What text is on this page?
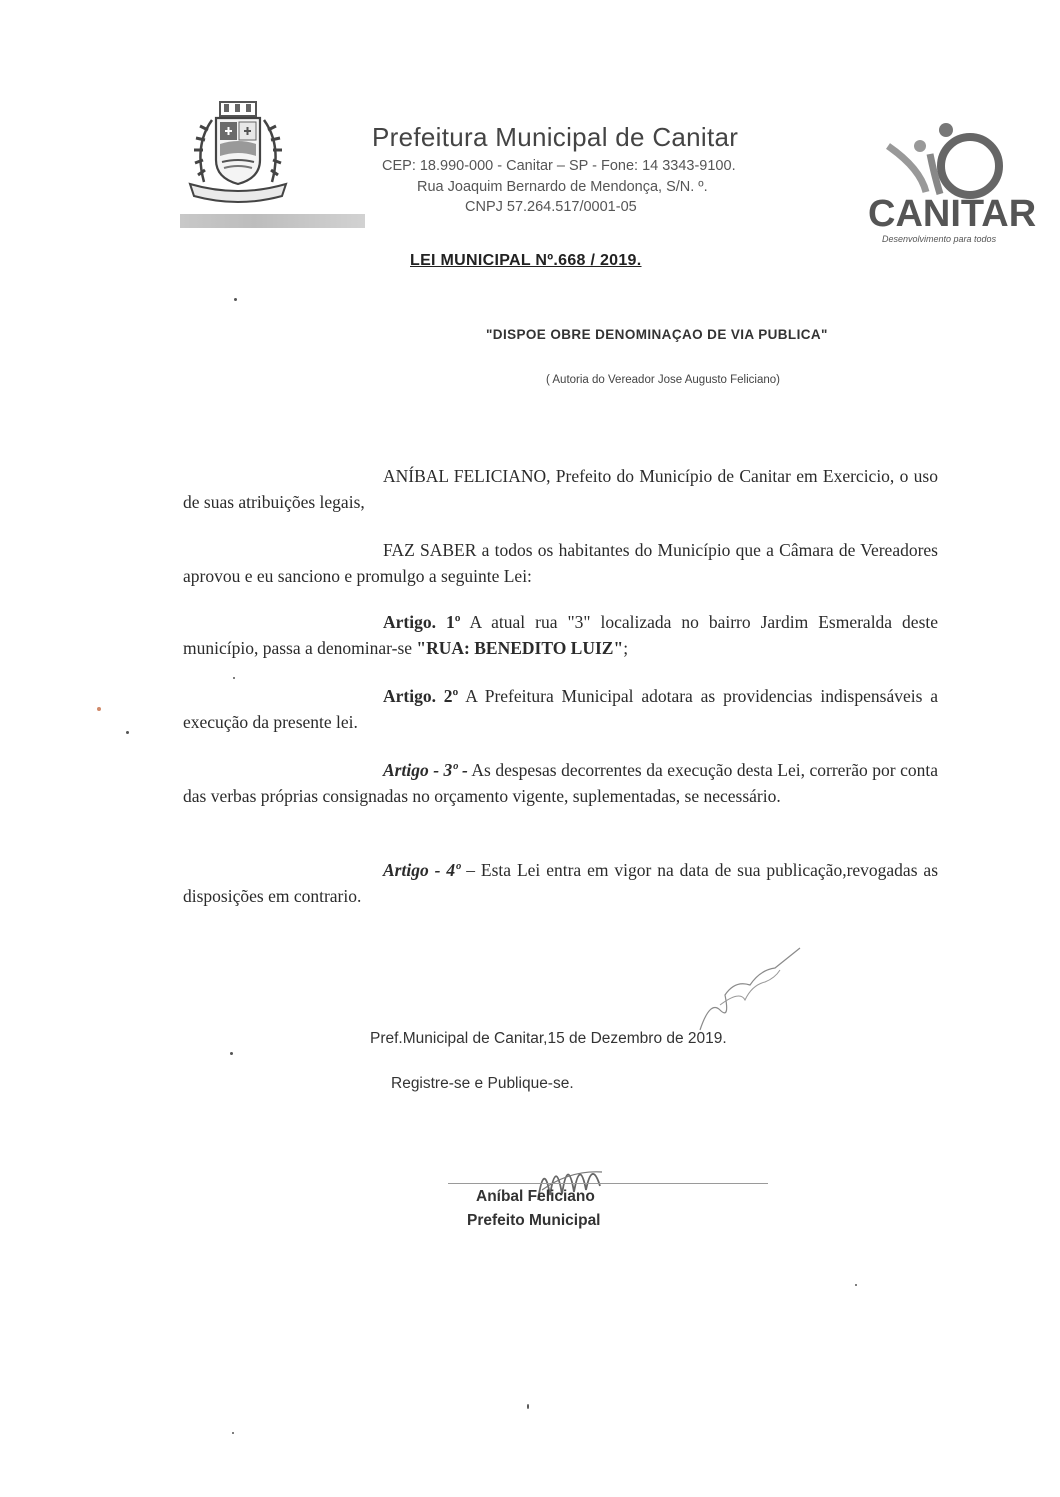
Prefeitura Municipal de Canitar
CEP: 18.990-000 - Canitar – SP - Fone: 14 3343-9100.
Rua Joaquim Bernardo de Mendonça, S/N. º.
CNPJ 57.264.517/0001-05	CANITAR
Desenvolvimento para todos
LEI MUNICIPAL Nº.668 / 2019.
"DISPOE OBRE DENOMINAÇAO DE VIA PUBLICA"
( Autoria do Vereador Jose Augusto Feliciano)
ANÍBAL FELICIANO, Prefeito do Município de Canitar em Exercicio, o uso de suas atribuições legais,
FAZ SABER a todos os habitantes do Município que a Câmara de Vereadores aprovou e eu sanciono e promulgo a seguinte Lei:
Artigo. 1º A atual rua "3" localizada no bairro Jardim Esmeralda deste município, passa a denominar-se "RUA: BENEDITO LUIZ";
Artigo. 2º A Prefeitura Municipal adotara as providencias indispensáveis a execução da presente lei.
Artigo - 3º - As despesas decorrentes da execução desta Lei, correrão por conta das verbas próprias consignadas no orçamento vigente, suplementadas, se necessário.
Artigo - 4º – Esta Lei entra em vigor na data de sua publicação,revogadas as disposições em contrario.
Pref.Municipal de Canitar,15 de Dezembro de 2019.
Registre-se e Publique-se.
Aníbal Feliciano
Prefeito Municipal
